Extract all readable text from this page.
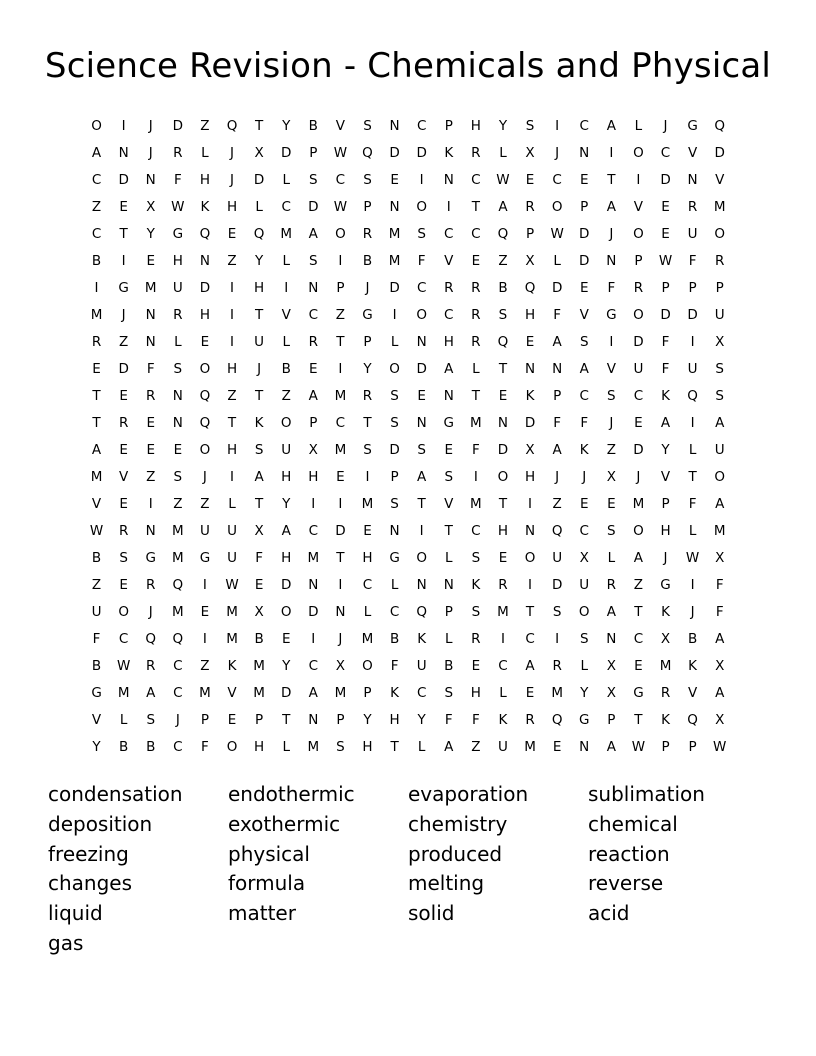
Science Revision - Chemicals and Physical
O	I	J	D	Z	Q	T	Y	B	V	S	N	C	P	H	Y	S	I	C	A	L	J	G	Q
A	N	J	R	L	J	X	D	P	W	Q	D	D	K	R	L	X	J	N	I	O	C	V	D
C	D	N	F	H	J	D	L	S	C	S	E	I	N	C	W	E	C	E	T	I	D	N	V
Z	E	X	W	K	H	L	C	D	W	P	N	O	I	T	A	R	O	P	A	V	E	R	M
C	T	Y	G	Q	E	Q	M	A	O	R	M	S	C	C	Q	P	W	D	J	O	E	U	O
B	I	E	H	N	Z	Y	L	S	I	B	M	F	V	E	Z	X	L	D	N	P	W	F	R
I	G	M	U	D	I	H	I	N	P	J	D	C	R	R	B	Q	D	E	F	R	P	P	P
M	J	N	R	H	I	T	V	C	Z	G	I	O	C	R	S	H	F	V	G	O	D	D	U
R	Z	N	L	E	I	U	L	R	T	P	L	N	H	R	Q	E	A	S	I	D	F	I	X
E	D	F	S	O	H	J	B	E	I	Y	O	D	A	L	T	N	N	A	V	U	F	U	S
T	E	R	N	Q	Z	T	Z	A	M	R	S	E	N	T	E	K	P	C	S	C	K	Q	S
T	R	E	N	Q	T	K	O	P	C	T	S	N	G	M	N	D	F	F	J	E	A	I	A
A	E	E	E	O	H	S	U	X	M	S	D	S	E	F	D	X	A	K	Z	D	Y	L	U
M	V	Z	S	J	I	A	H	H	E	I	P	A	S	I	O	H	J	J	X	J	V	T	O
V	E	I	Z	Z	L	T	Y	I	I	M	S	T	V	M	T	I	Z	E	E	M	P	F	A
W	R	N	M	U	U	X	A	C	D	E	N	I	T	C	H	N	Q	C	S	O	H	L	M
B	S	G	M	G	U	F	H	M	T	H	G	O	L	S	E	O	U	X	L	A	J	W	X
Z	E	R	Q	I	W	E	D	N	I	C	L	N	N	K	R	I	D	U	R	Z	G	I	F
U	O	J	M	E	M	X	O	D	N	L	C	Q	P	S	M	T	S	O	A	T	K	J	F
F	C	Q	Q	I	M	B	E	I	J	M	B	K	L	R	I	C	I	S	N	C	X	B	A
B	W	R	C	Z	K	M	Y	C	X	O	F	U	B	E	C	A	R	L	X	E	M	K	X
G	M	A	C	M	V	M	D	A	M	P	K	C	S	H	L	E	M	Y	X	G	R	V	A
V	L	S	J	P	E	P	T	N	P	Y	H	Y	F	F	K	R	Q	G	P	T	K	Q	X
Y	B	B	C	F	O	H	L	M	S	H	T	L	A	Z	U	M	E	N	A	W	P	P	W
condensation	endothermic	evaporation	sublimation
deposition	exothermic	chemistry	chemical
freezing	physical	produced	reaction
changes	formula	melting	reverse
liquid	matter	solid	acid
gas
